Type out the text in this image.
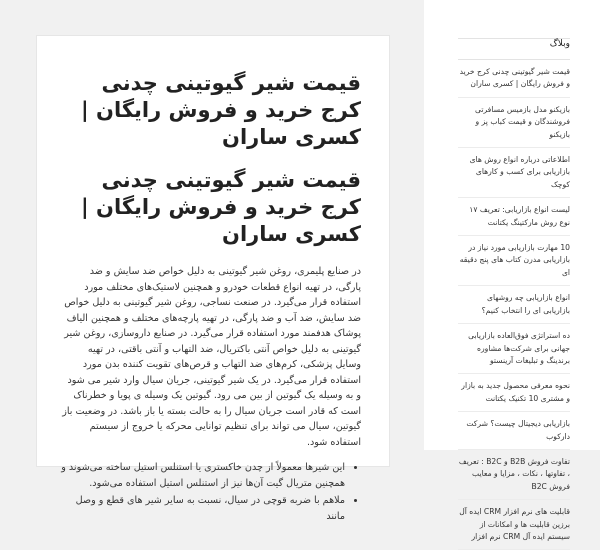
قیمت شیر گیوتینی چدنی کرج خرید و فروش رایگان | کسری ساران
قیمت شیر گیوتینی چدنی کرج خرید و فروش رایگان | کسری ساران

در صنایع پلیمری، روغن شیر گیوتینی به دلیل خواص ضد سایش و ضد پارگی، در تهیه انواع قطعات خودرو و همچنین لاستیک‌های مختلف مورد استفاده قرار می‌گیرد. در صنعت نساجی، روغن شیر گیوتینی به دلیل خواص ضد سایش، ضد آب و ضد پارگی، در تهیه پارچه‌های مختلف و همچنین الیاف پوشاک هدفمند مورد استفاده قرار می‌گیرد. در صنایع داروسازی، روغن شیر گیوتینی به دلیل خواص آنتی باکتریال، ضد التهاب و آنتی باقتی، در تهیه وسایل پزشکی، کرم‌های ضد التهاب و قرص‌های تقویت کننده بدن مورد استفاده قرار می‌گیرد. در یک شیر گیوتینی، جریان سیال وارد شیر می شود و به وسیله یک گیوتین از بین می رود. گیوتین یک وسیله ی پویا و خطرناک است که قادر است جریان سیال را به حالت بسته یا باز باشد. در وضعیت باز گیوتین، سیال می تواند برای تنظیم توانایی محرکه یا خروج از سیستم استفاده شود.

• این شیرها معمولاً از چدن خاکستری یا استنلس استیل ساخته می‌شوند و همچنین متریال گیت آن‌ها نیز از استنلس استیل استفاده می‌شود.
• ملاهم با ضربه قوچی در سیال، نسبت به سایر شیر های قطع و وصل مانند
وبلاگ
قیمت شیر گیوتینی چدنی کرج خرید و فروش رایگان | کسری ساران
بازیکنو مدل بازمیس مسافرتی فروشندگان و قیمت کباب پز و بازیکنو
اطلاعاتی درباره انواع روش های بازاریابی برای کسب و کارهای کوچک
لیست انواع بازاریابی: تعریف ۱۷ نوع روش مارکتینگ یکتانت
10 مهارت بازاریابی مورد نیاز در بازاریابی مدرن کتاب های پنج دقیقه ای
انواع بازاریابی چه روشهای بازاریابی ای را انتخاب کنیم؟
ده استراتژی فوق‌العاده بازاریابی جهانی برای شرکت‌ها مشاوره برندینگ و تبلیغات آرینستو
نحوه معرفی محصول جدید به بازار و مشتری 10 تکنیک یکتانت
بازاریابی دیجیتال چیست؟ شرکت دارکوب
تفاوت فروش B2B و B2C : تعریف ، تفاوتها ، نکات ، مزایا و معایب فروش B2C
قابلیت های نرم افزار CRM ایده آل برزین قابلیت ها و امکانات از سیستم ایده آل CRM نرم افزار
